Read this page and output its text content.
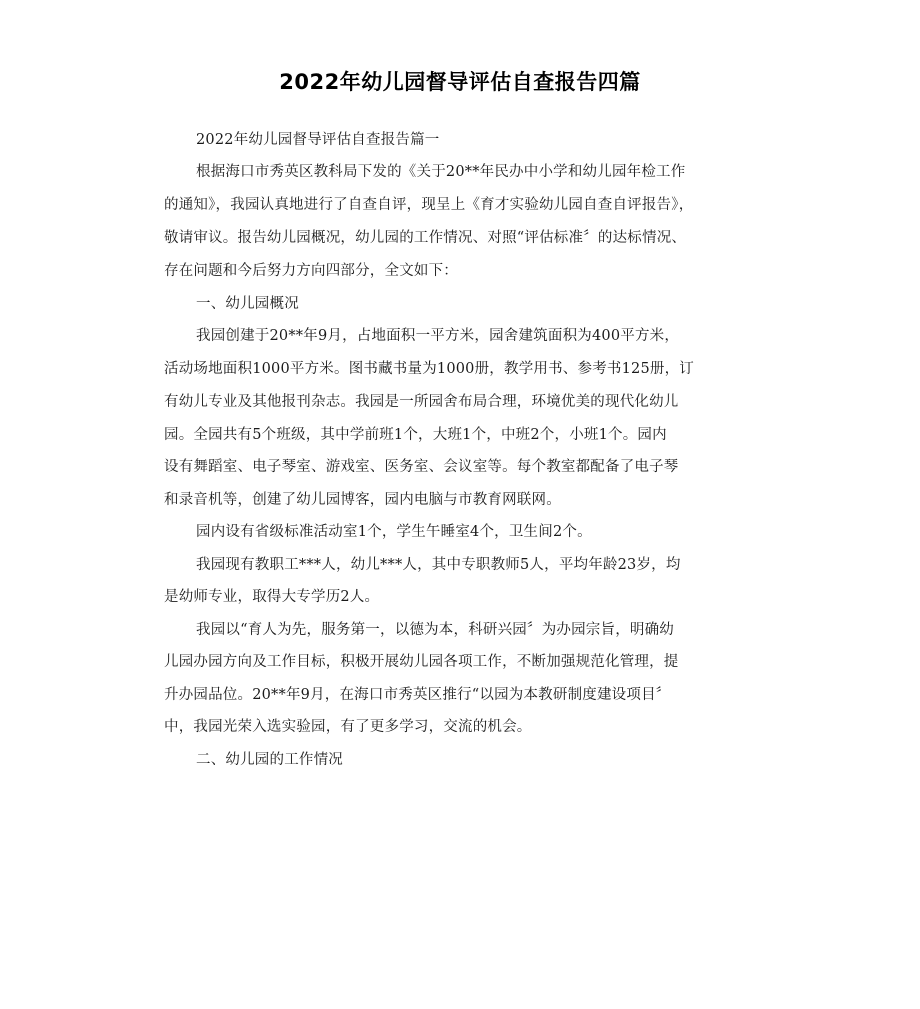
2022年幼儿园督导评估自查报告四篇
2022年幼儿园督导评估自查报告篇一
根据海口市秀英区教科局下发的《关于20**年民办中小学和幼儿园年检工作
的通知》，我园认真地进行了自查自评，现呈上《育才实验幼儿园自查自评报告》，
敬请审议。报告幼儿园概况，幼儿园的工作情况、对照“评估标准〞的达标情况、
存在问题和今后努力方向四部分，全文如下：
一、幼儿园概况
我园创建于20**年9月，占地面积一平方米，园舍建筑面积为400平方米，
活动场地面积1000平方米。图书藏书量为1000册，教学用书、参考书125册，订
有幼儿专业及其他报刊杂志。我园是一所园舍布局合理，环境优美的现代化幼儿
园。全园共有5个班级，其中学前班1个，大班1个，中班2个，小班1个。园内
设有舞蹈室、电子琴室、游戏室、医务室、会议室等。每个教室都配备了电子琴
和录音机等，创建了幼儿园博客，园内电脑与市教育网联网。
园内设有省级标准活动室1个，学生午睡室4个，卫生间2个。
我园现有教职工***人，幼儿***人，其中专职教师5人，平均年龄23岁，均
是幼师专业，取得大专学历2人。
我园以“育人为先，服务第一，以德为本，科研兴园〞为办园宗旨，明确幼
儿园办园方向及工作目标，积极开展幼儿园各项工作，不断加强规范化管理，提
升办园品位。20**年9月，在海口市秀英区推行“以园为本教研制度建设项目〞
中，我园光荣入选实验园，有了更多学习，交流的机会。
二、幼儿园的工作情况
